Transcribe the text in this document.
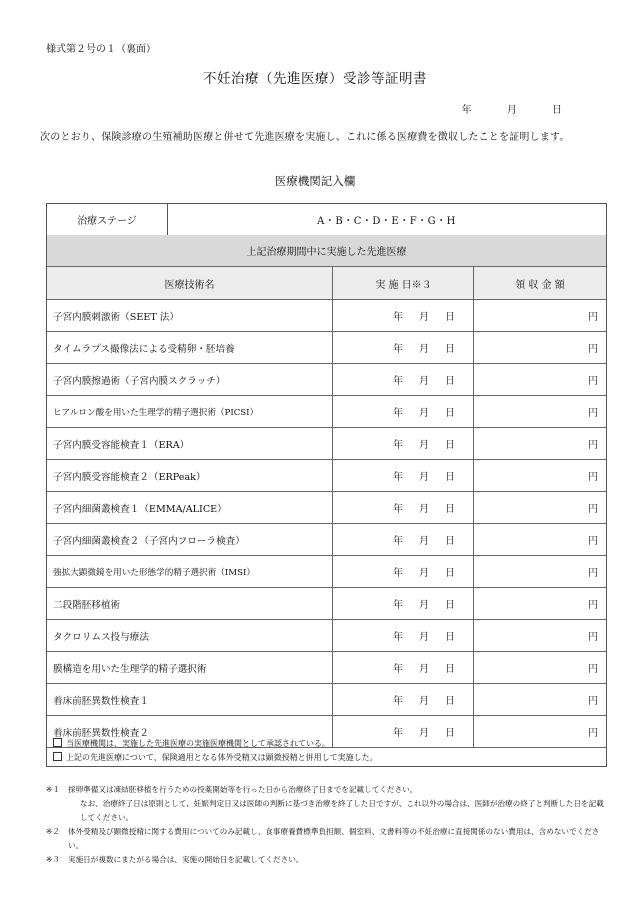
様式第２号の１（裏面）
不妊治療（先進医療）受診等証明書
年	月	日
次のとおり、保険診療の生殖補助医療と併せて先進医療を実施し、これに係る医療費を徴収したことを証明します。
医療機関記入欄
治療ステージ	A・B・C・D・E・F・G・H
上記治療期間中に実施した先進医療
医療技術名	実 施 日※３	領 収 金 額
子宮内膜刺激術（SEET 法）	年 月 日	円
タイムラプス撮像法による受精卵・胚培養	年 月 日	円
子宮内膜擦過術（子宮内膜スクラッチ）	年 月 日	円
ヒアルロン酸を用いた生理学的精子選択術（PICSI）	年 月 日	円
子宮内膜受容能検査１（ERA）	年 月 日	円
子宮内膜受容能検査２（ERPeak）	年 月 日	円
子宮内細菌叢検査１（EMMA/ALICE）	年 月 日	円
子宮内細菌叢検査２（子宮内フローラ検査）	年 月 日	円
強拡大顕微鏡を用いた形態学的精子選択術（IMSI）	年 月 日	円
二段階胚移植術	年 月 日	円
タクロリムス投与療法	年 月 日	円
膜構造を用いた生理学的精子選択術	年 月 日	円
着床前胚異数性検査１	年 月 日	円
着床前胚異数性検査２	年 月 日	円
当医療機関は、実施した先進医療の実施医療機関として承認されている。
上記の先進医療について、保険適用となる体外受精又は顕微授精と併用して実施した。
※１	採卵準備又は凍結胚移植を行うための投薬開始等を行った日から治療終了日までを記載してください。
なお、治療終了日は原則として、妊娠判定日又は医師の判断に基づき治療を終了した日ですが、これ以外の場合は、医師が治療の終了と判断した日を記載してください。
※２	体外受精及び顕微授精に関する費用についてのみ記載し、食事療養費標準負担額、個室料、文書料等の不妊治療に直接関係のない費用は、含めないでください。
※３	実施日が複数にまたがる場合は、実施の開始日を記載してください。
